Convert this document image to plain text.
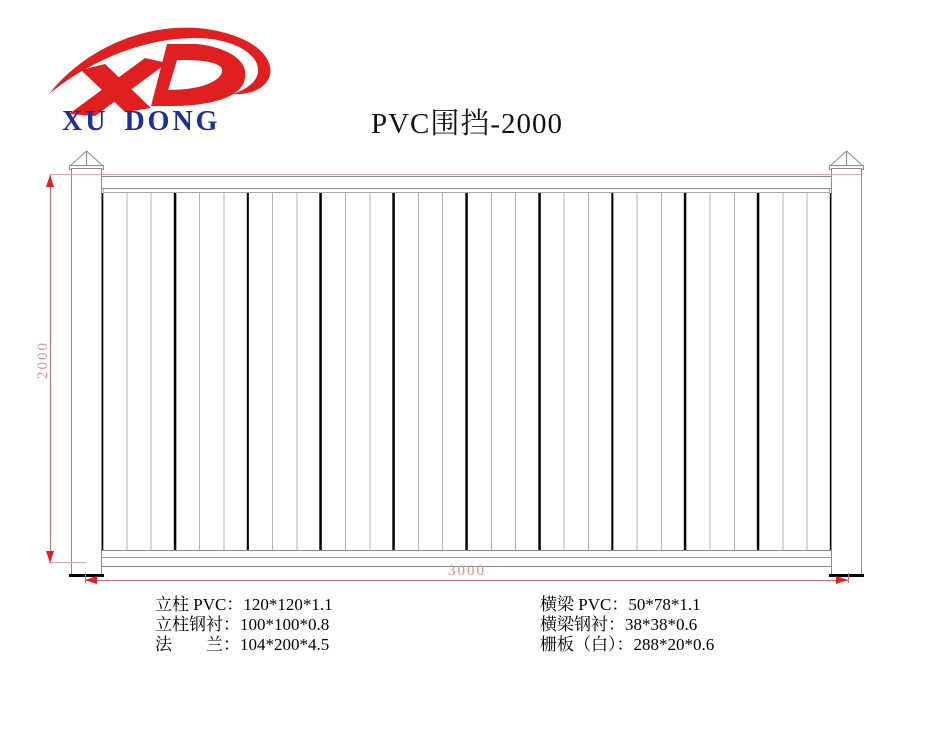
XU DONG	PVC围挡-2000
2000
3000
立柱 PVC：120*120*1.1
立柱钢衬：100*100*0.8
法　　兰：104*200*4.5
横梁 PVC：50*78*1.1
横梁钢衬：38*38*0.6
栅板（白）：288*20*0.6
